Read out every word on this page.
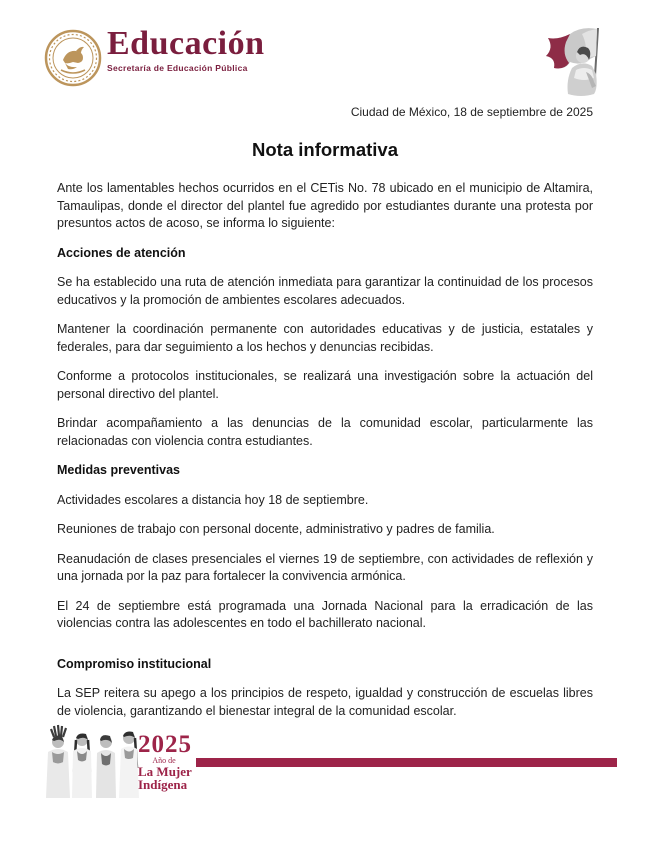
Educación
Secretaría de Educación Pública
Ciudad de México, 18 de septiembre de 2025
Nota informativa
Ante los lamentables hechos ocurridos en el CETis No. 78 ubicado en el municipio de Altamira, Tamaulipas, donde el director del plantel fue agredido por estudiantes durante una protesta por presuntos actos de acoso, se informa lo siguiente:
Acciones de atención
Se ha establecido una ruta de atención inmediata para garantizar la continuidad de los procesos educativos y la promoción de ambientes escolares adecuados.
Mantener la coordinación permanente con autoridades educativas y de justicia, estatales y federales, para dar seguimiento a los hechos y denuncias recibidas.
Conforme a protocolos institucionales, se realizará una investigación sobre la actuación del personal directivo del plantel.
Brindar acompañamiento a las denuncias de la comunidad escolar, particularmente las relacionadas con violencia contra estudiantes.
Medidas preventivas
Actividades escolares a distancia hoy 18 de septiembre.
Reuniones de trabajo con personal docente, administrativo y padres de familia.
Reanudación de clases presenciales el viernes 19 de septiembre, con actividades de reflexión y una jornada por la paz para fortalecer la convivencia armónica.
El 24 de septiembre está programada una Jornada Nacional para la erradicación de las violencias contra las adolescentes en todo el bachillerato nacional.
Compromiso institucional
La SEP reitera su apego a los principios de respeto, igualdad y construcción de escuelas libres de violencia, garantizando el bienestar integral de la comunidad escolar.
2025
Año de
La Mujer
Indígena
